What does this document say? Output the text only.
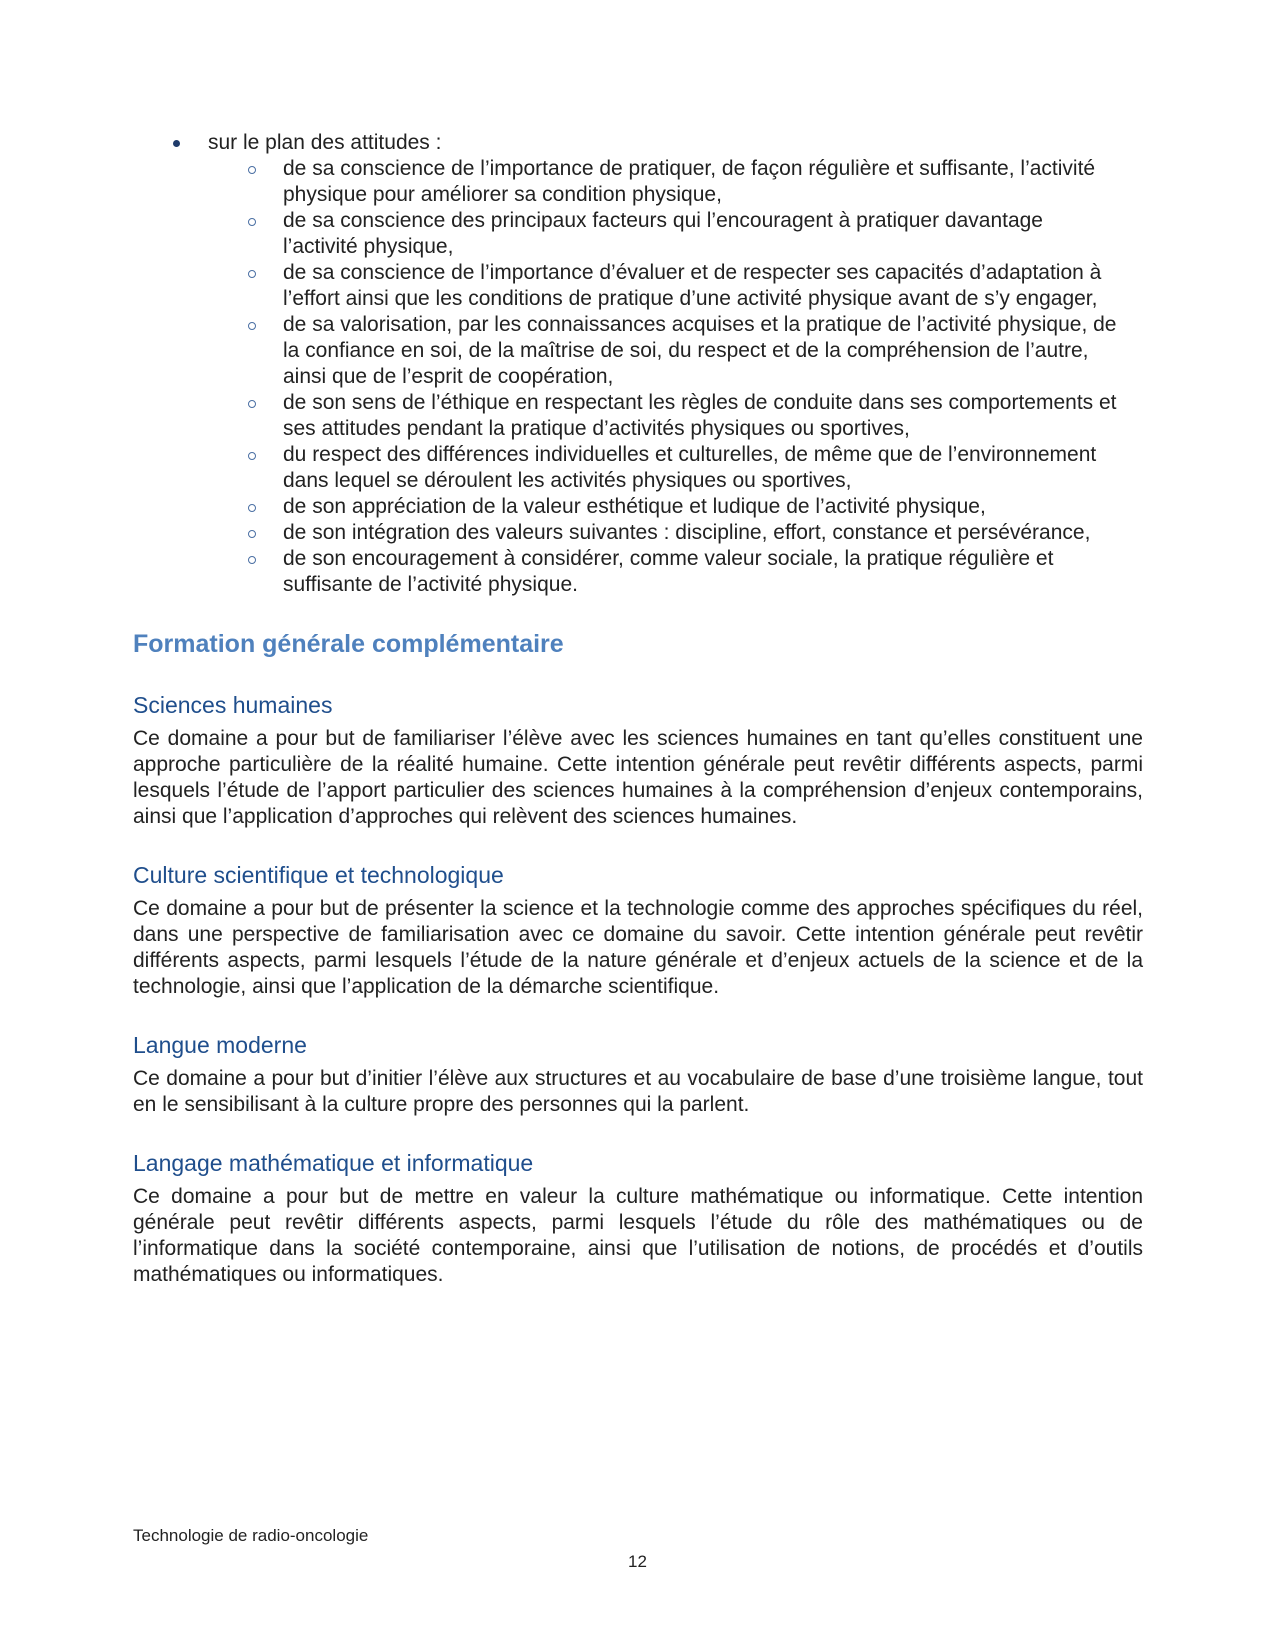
sur le plan des attitudes :
de sa conscience de l’importance de pratiquer, de façon régulière et suffisante, l’activité physique pour améliorer sa condition physique,
de sa conscience des principaux facteurs qui l’encouragent à pratiquer davantage l’activité physique,
de sa conscience de l’importance d’évaluer et de respecter ses capacités d’adaptation à l’effort ainsi que les conditions de pratique d’une activité physique avant de s’y engager,
de sa valorisation, par les connaissances acquises et la pratique de l’activité physique, de la confiance en soi, de la maîtrise de soi, du respect et de la compréhension de l’autre, ainsi que de l’esprit de coopération,
de son sens de l’éthique en respectant les règles de conduite dans ses comportements et ses attitudes pendant la pratique d’activités physiques ou sportives,
du respect des différences individuelles et culturelles, de même que de l’environnement dans lequel se déroulent les activités physiques ou sportives,
de son appréciation de la valeur esthétique et ludique de l’activité physique,
de son intégration des valeurs suivantes : discipline, effort, constance et persévérance,
de son encouragement à considérer, comme valeur sociale, la pratique régulière et suffisante de l’activité physique.
Formation générale complémentaire
Sciences humaines
Ce domaine a pour but de familiariser l’élève avec les sciences humaines en tant qu’elles constituent une approche particulière de la réalité humaine. Cette intention générale peut revêtir différents aspects, parmi lesquels l’étude de l’apport particulier des sciences humaines à la compréhension d’enjeux contemporains, ainsi que l’application d’approches qui relèvent des sciences humaines.
Culture scientifique et technologique
Ce domaine a pour but de présenter la science et la technologie comme des approches spécifiques du réel, dans une perspective de familiarisation avec ce domaine du savoir. Cette intention générale peut revêtir différents aspects, parmi lesquels l’étude de la nature générale et d’enjeux actuels de la science et de la technologie, ainsi que l’application de la démarche scientifique.
Langue moderne
Ce domaine a pour but d’initier l’élève aux structures et au vocabulaire de base d’une troisième langue, tout en le sensibilisant à la culture propre des personnes qui la parlent.
Langage mathématique et informatique
Ce domaine a pour but de mettre en valeur la culture mathématique ou informatique. Cette intention générale peut revêtir différents aspects, parmi lesquels l’étude du rôle des mathématiques ou de l’informatique dans la société contemporaine, ainsi que l’utilisation de notions, de procédés et d’outils mathématiques ou informatiques.
Technologie de radio-oncologie
12
